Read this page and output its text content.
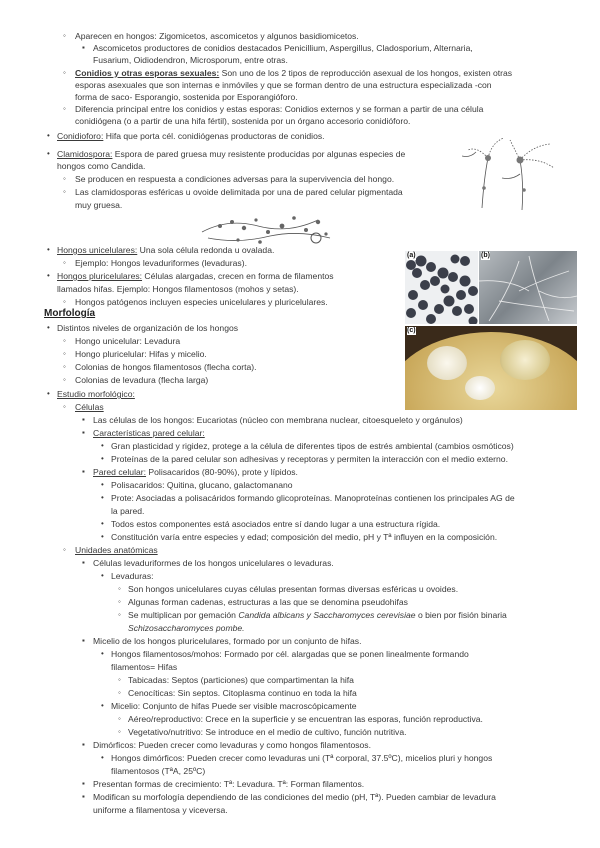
◦ Aparecen en hongos: Zigomicetos, ascomicetos y algunos basidiomicetos.
▪ Ascomicetos productores de conidios destacados Penicillium, Aspergillus, Cladosporium, Alternaria,
Fusarium, Oidiodendron, Microsporum, entre otras.
◦ Conidios y otras esporas sexuales: Son uno de los 2 tipos de reproducción asexual de los hongos, existen otras
esporas asexuales que son internas e inmóviles y que se forman dentro de una estructura especializada -con
forma de saco- Esporangio, sostenida por Esporangióforo.
◦ Diferencia principal entre los conidios y estas esporas: Conidios externos y se forman a partir de una célula
conidiógena (o a partir de una hifa fértil), sostenida por un órgano accesorio conidióforo.
• Conidioforo: Hifa que porta cél. conidiógenas productoras de conidios.
• Clamidospora: Espora de pared gruesa muy resistente producidas por algunas especies de
hongos como Candida.
◦ Se producen en respuesta a condiciones adversas para la supervivencia del hongo.
◦ Las clamidosporas esféricas u ovoide delimitada por una de pared celular pigmentada
muy gruesa.
• Hongos unicelulares: Una sola célula redonda u ovalada.
◦ Ejemplo: Hongos levaduriformes (levaduras).
• Hongos pluricelulares: Células alargadas, crecen en forma de filamentos
llamados hifas. Ejemplo: Hongos filamentosos (mohos y setas).
◦ Hongos patógenos incluyen especies unicelulares y pluricelulares.
Morfología
• Distintos niveles de organización de los hongos
◦ Hongo unicelular: Levadura
◦ Hongo pluricelular: Hifas y micelio.
◦ Colonias de hongos filamentosos (flecha corta).
◦ Colonias de levadura (flecha larga)
• Estudio morfológico:
◦ Células
▪ Las células de los hongos: Eucariotas (núcleo con membrana nuclear, citoesqueleto y orgánulos)
▪ Características pared celular:
• Gran plasticidad y rigidez, protege a la célula de diferentes tipos de estrés ambiental (cambios osmóticos)
• Proteínas de la pared celular son adhesivas y receptoras y permiten la interacción con el medio externo.
▪ Pared celular: Polisacaridos (80-90%), prote y lípidos.
• Polisacaridos: Quitina, glucano, galactomanano
• Prote: Asociadas a polisacáridos formando glicoproteínas. Manoproteínas contienen los principales AG de
la pared.
• Todos estos componentes está asociados entre sí dando lugar a una estructura rígida.
• Constitución varía entre especies y edad; composición del medio, pH y Tª influyen en la composición.
◦ Unidades anatómicas
▪ Células levaduriformes de los hongos unicelulares o levaduras.
• Levaduras:
◦ Son hongos unicelulares cuyas células presentan formas diversas esféricas u ovoides.
◦ Algunas forman cadenas, estructuras a las que se denomina pseudohifas
◦ Se multiplican por gemación Candida albicans y Saccharomyces cerevisiae o bien por fisión binaria
Schizosaccharomyces pombe.
▪ Micelio de los hongos pluricelulares, formado por un conjunto de hifas.
• Hongos filamentosos/mohos: Formado por cél. alargadas que se ponen linealmente formando
filamentos= Hifas
◦ Tabicadas: Septos (particiones) que compartimentan la hifa
◦ Cenocíticas: Sin septos. Citoplasma continuo en toda la hifa
• Micelio: Conjunto de hifas Puede ser visible macroscópicamente
◦ Aéreo/reproductivo: Crece en la superficie y se encuentran las esporas, función reproductiva.
◦ Vegetativo/nutritivo: Se introduce en el medio de cultivo, función nutritiva.
▪ Dimórficos: Pueden crecer como levaduras y como hongos filamentosos.
• Hongos dimórficos: Pueden crecer como levaduras uni (Tª corporal, 37.5ºC), micelios pluri y hongos
filamentosos (TªA, 25ºC)
▪ Presentan formas de crecimiento: Tª: Levadura. Tª: Forman filamentos.
▪ Modifican su morfología dependiendo de las condiciones del medio (pH, Tª). Pueden cambiar de levadura
uniforme a filamentosa y viceversa.
(a)	(b)
(c)
